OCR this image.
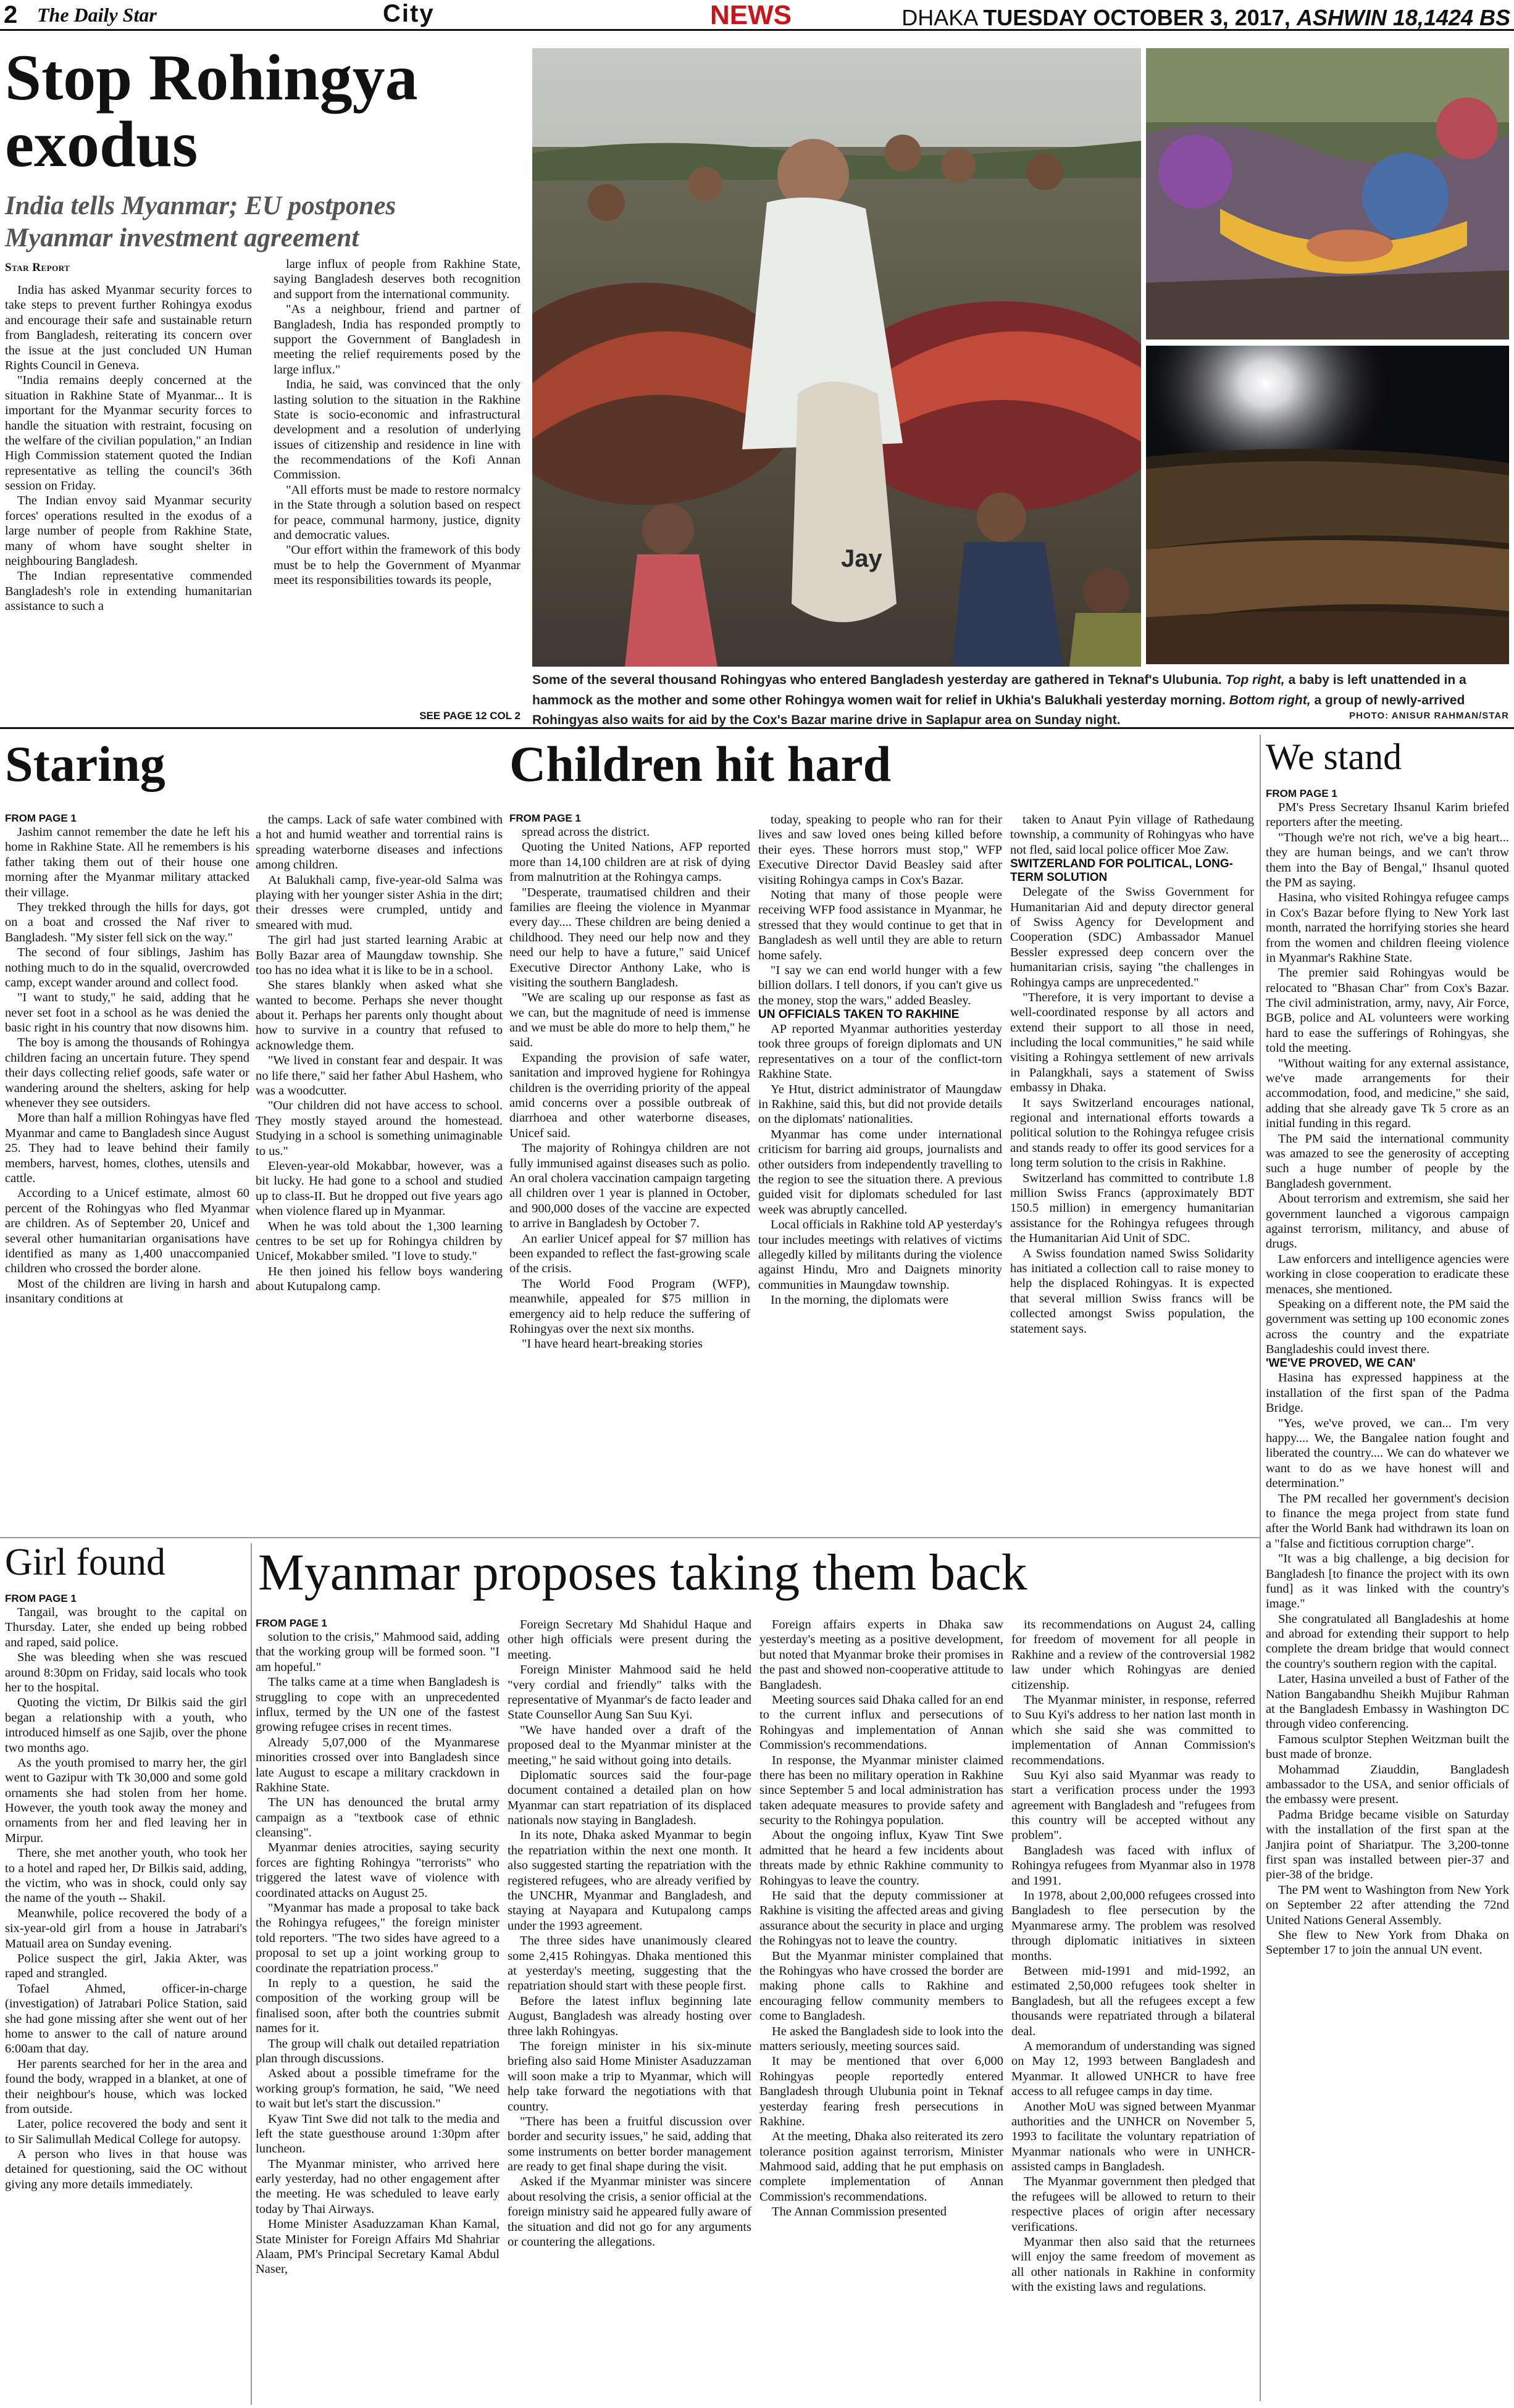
2 The Daily Star	City	NEWS	DHAKA TUESDAY OCTOBER 3, 2017, ASHWIN 18,1424 BS
Stop Rohingya
exodus
India tells Myanmar; EU postpones
Myanmar investment agreement
Star Report

India has asked Myanmar security forces to take steps to prevent further Rohingya exodus and encourage their safe and sustainable return from Bangladesh, reiterating its concern over the issue at the just concluded UN Human Rights Council in Geneva.

"India remains deeply concerned at the situation in Rakhine State of Myanmar... It is important for the Myanmar security forces to handle the situation with restraint, focusing on the welfare of the civilian population," an Indian High Commission statement quoted the Indian representative as telling the council's 36th session on Friday.

The Indian envoy said Myanmar security forces' operations resulted in the exodus of a large number of people from Rakhine State, many of whom have sought shelter in neighbouring Bangladesh.

The Indian representative commended Bangladesh's role in extending humanitarian assistance to such a

large influx of people from Rakhine State, saying Bangladesh deserves both recognition and support from the international community.

"As a neighbour, friend and partner of Bangladesh, India has responded promptly to support the Government of Bangladesh in meeting the relief requirements posed by the large influx."

India, he said, was convinced that the only lasting solution to the situation in the Rakhine State is socio-economic and infrastructural development and a resolution of underlying issues of citizenship and residence in line with the recommendations of the Kofi Annan Commission.

"All efforts must be made to restore normalcy in the State through a solution based on respect for peace, communal harmony, justice, dignity and democratic values.

"Our effort within the framework of this body must be to help the Government of Myanmar meet its responsibilities towards its people,

SEE PAGE 12 COL 2
Jay
Some of the several thousand Rohingyas who entered Bangladesh yesterday are gathered in Teknaf's Ulubunia. Top right, a baby is left unattended in a hammock as the mother and some other Rohingya women wait for relief in Ukhia's Balukhali yesterday morning. Bottom right, a group of newly-arrived Rohingyas also waits for aid by the Cox's Bazar marine drive in Saplapur area on Sunday night.	PHOTO: ANISUR RAHMAN/STAR
Staring

FROM PAGE 1

Jashim cannot remember the date he left his home in Rakhine State. All he remembers is his father taking them out of their house one morning after the Myanmar military attacked their village.

They trekked through the hills for days, got on a boat and crossed the Naf river to Bangladesh. "My sister fell sick on the way."

The second of four siblings, Jashim has nothing much to do in the squalid, overcrowded camp, except wander around and collect food.

"I want to study," he said, adding that he never set foot in a school as he was denied the basic right in his country that now disowns him.

The boy is among the thousands of Rohingya children facing an uncertain future. They spend their days collecting relief goods, safe water or wandering around the shelters, asking for help whenever they see outsiders.

More than half a million Rohingyas have fled Myanmar and came to Bangladesh since August 25. They had to leave behind their family members, harvest, homes, clothes, utensils and cattle.

According to a Unicef estimate, almost 60 percent of the Rohingyas who fled Myanmar are children. As of September 20, Unicef and several other humanitarian organisations have identified as many as 1,400 unaccompanied children who crossed the border alone.

Most of the children are living in harsh and insanitary conditions at

the camps. Lack of safe water combined with a hot and humid weather and torrential rains is spreading waterborne diseases and infections among children.

At Balukhali camp, five-year-old Salma was playing with her younger sister Ashia in the dirt; their dresses were crumpled, untidy and smeared with mud.

The girl had just started learning Arabic at Bolly Bazar area of Maungdaw township. She too has no idea what it is like to be in a school.

She stares blankly when asked what she wanted to become. Perhaps she never thought about it. Perhaps her parents only thought about how to survive in a country that refused to acknowledge them.

"We lived in constant fear and despair. It was no life there," said her father Abul Hashem, who was a woodcutter.

"Our children did not have access to school. They mostly stayed around the homestead. Studying in a school is something unimaginable to us."

Eleven-year-old Mokabbar, however, was a bit lucky. He had gone to a school and studied up to class-II. But he dropped out five years ago when violence flared up in Myanmar.

When he was told about the 1,300 learning centres to be set up for Rohingya children by Unicef, Mokabber smiled. "I love to study."

He then joined his fellow boys wandering about Kutupalong camp.

Children hit hard

FROM PAGE 1

spread across the district.

Quoting the United Nations, AFP reported more than 14,100 children are at risk of dying from malnutrition at the Rohingya camps.

"Desperate, traumatised children and their families are fleeing the violence in Myanmar every day.... These children are being denied a childhood. They need our help now and they need our help to have a future," said Unicef Executive Director Anthony Lake, who is visiting the southern Bangladesh.

"We are scaling up our response as fast as we can, but the magnitude of need is immense and we must be able do more to help them," he said.

Expanding the provision of safe water, sanitation and improved hygiene for Rohingya children is the overriding priority of the appeal amid concerns over a possible outbreak of diarrhoea and other waterborne diseases, Unicef said.

The majority of Rohingya children are not fully immunised against diseases such as polio. An oral cholera vaccination campaign targeting all children over 1 year is planned in October, and 900,000 doses of the vaccine are expected to arrive in Bangladesh by October 7.

An earlier Unicef appeal for $7 million has been expanded to reflect the fast-growing scale of the crisis.

The World Food Program (WFP), meanwhile, appealed for $75 million in emergency aid to help reduce the suffering of Rohingyas over the next six months.

"I have heard heart-breaking stories

today, speaking to people who ran for their lives and saw loved ones being killed before their eyes. These horrors must stop," WFP Executive Director David Beasley said after visiting Rohingya camps in Cox's Bazar.

Noting that many of those people were receiving WFP food assistance in Myanmar, he stressed that they would continue to get that in Bangladesh as well until they are able to return home safely.

"I say we can end world hunger with a few billion dollars. I tell donors, if you can't give us the money, stop the wars," added Beasley.

UN OFFICIALS TAKEN TO RAKHINE

AP reported Myanmar authorities yesterday took three groups of foreign diplomats and UN representatives on a tour of the conflict-torn Rakhine State.

Ye Htut, district administrator of Maungdaw in Rakhine, said this, but did not provide details on the diplomats' nationalities.

Myanmar has come under international criticism for barring aid groups, journalists and other outsiders from independently travelling to the region to see the situation there. A previous guided visit for diplomats scheduled for last week was abruptly cancelled.

Local officials in Rakhine told AP yesterday's tour includes meetings with relatives of victims allegedly killed by militants during the violence against Hindu, Mro and Daignets minority communities in Maungdaw township.

In the morning, the diplomats were

taken to Anaut Pyin village of Rathedaung township, a community of Rohingyas who have not fled, said local police officer Moe Zaw.

SWITZERLAND FOR POLITICAL, LONG-TERM SOLUTION

Delegate of the Swiss Government for Humanitarian Aid and deputy director general of Swiss Agency for Development and Cooperation (SDC) Ambassador Manuel Bessler expressed deep concern over the humanitarian crisis, saying "the challenges in Rohingya camps are unprecedented."

"Therefore, it is very important to devise a well-coordinated response by all actors and extend their support to all those in need, including the local communities," he said while visiting a Rohingya settlement of new arrivals in Palangkhali, says a statement of Swiss embassy in Dhaka.

It says Switzerland encourages national, regional and international efforts towards a political solution to the Rohingya refugee crisis and stands ready to offer its good services for a long term solution to the crisis in Rakhine.

Switzerland has committed to contribute 1.8 million Swiss Francs (approximately BDT 150.5 million) in emergency humanitarian assistance for the Rohingya refugees through the Humanitarian Aid Unit of SDC.

A Swiss foundation named Swiss Solidarity has initiated a collection call to raise money to help the displaced Rohingyas. It is expected that several million Swiss francs will be collected amongst Swiss population, the statement says.

We stand

FROM PAGE 1

PM's Press Secretary Ihsanul Karim briefed reporters after the meeting.

"Though we're not rich, we've a big heart... they are human beings, and we can't throw them into the Bay of Bengal," Ihsanul quoted the PM as saying.

Hasina, who visited Rohingya refugee camps in Cox's Bazar before flying to New York last month, narrated the horrifying stories she heard from the women and children fleeing violence in Myanmar's Rakhine State.

The premier said Rohingyas would be relocated to "Bhasan Char" from Cox's Bazar. The civil administration, army, navy, Air Force, BGB, police and AL volunteers were working hard to ease the sufferings of Rohingyas, she told the meeting.

"Without waiting for any external assistance, we've made arrangements for their accommodation, food, and medicine," she said, adding that she already gave Tk 5 crore as an initial funding in this regard.

The PM said the international community was amazed to see the generosity of accepting such a huge number of people by the Bangladesh government.

About terrorism and extremism, she said her government launched a vigorous campaign against terrorism, militancy, and abuse of drugs.

Law enforcers and intelligence agencies were working in close cooperation to eradicate these menaces, she mentioned.

Speaking on a different note, the PM said the government was setting up 100 economic zones across the country and the expatriate Bangladeshis could invest there.

'WE'VE PROVED, WE CAN'

Hasina has expressed happiness at the installation of the first span of the Padma Bridge.

"Yes, we've proved, we can... I'm very happy.... We, the Bangalee nation fought and liberated the country.... We can do whatever we want to do as we have honest will and determination."

The PM recalled her government's decision to finance the mega project from state fund after the World Bank had withdrawn its loan on a "false and fictitious corruption charge".

"It was a big challenge, a big decision for Bangladesh [to finance the project with its own fund] as it was linked with the country's image."

She congratulated all Bangladeshis at home and abroad for extending their support to help complete the dream bridge that would connect the country's southern region with the capital.

Later, Hasina unveiled a bust of Father of the Nation Bangabandhu Sheikh Mujibur Rahman at the Bangladesh Embassy in Washington DC through video conferencing.

Famous sculptor Stephen Weitzman built the bust made of bronze.

Mohammad Ziauddin, Bangladesh ambassador to the USA, and senior officials of the embassy were present.

Padma Bridge became visible on Saturday with the installation of the first span at the Janjira point of Shariatpur. The 3,200-tonne first span was installed between pier-37 and pier-38 of the bridge.

The PM went to Washington from New York on September 22 after attending the 72nd United Nations General Assembly.

She flew to New York from Dhaka on September 17 to join the annual UN event.

Girl found

FROM PAGE 1

Tangail, was brought to the capital on Thursday. Later, she ended up being robbed and raped, said police.

She was bleeding when she was rescued around 8:30pm on Friday, said locals who took her to the hospital.

Quoting the victim, Dr Bilkis said the girl began a relationship with a youth, who introduced himself as one Sajib, over the phone two months ago.

As the youth promised to marry her, the girl went to Gazipur with Tk 30,000 and some gold ornaments she had stolen from her home. However, the youth took away the money and ornaments from her and fled leaving her in Mirpur.

There, she met another youth, who took her to a hotel and raped her, Dr Bilkis said, adding, the victim, who was in shock, could only say the name of the youth -- Shakil.

Meanwhile, police recovered the body of a six-year-old girl from a house in Jatrabari's Matuail area on Sunday evening.

Police suspect the girl, Jakia Akter, was raped and strangled.

Tofael Ahmed, officer-in-charge (investigation) of Jatrabari Police Station, said she had gone missing after she went out of her home to answer to the call of nature around 6:00am that day.

Her parents searched for her in the area and found the body, wrapped in a blanket, at one of their neighbour's house, which was locked from outside.

Later, police recovered the body and sent it to Sir Salimullah Medical College for autopsy.

A person who lives in that house was detained for questioning, said the OC without giving any more details immediately.

Myanmar proposes taking them back

FROM PAGE 1

solution to the crisis," Mahmood said, adding that the working group will be formed soon. "I am hopeful."

The talks came at a time when Bangladesh is struggling to cope with an unprecedented influx, termed by the UN one of the fastest growing refugee crises in recent times.

Already 5,07,000 of the Myanmarese minorities crossed over into Bangladesh since late August to escape a military crackdown in Rakhine State.

The UN has denounced the brutal army campaign as a "textbook case of ethnic cleansing".

Myanmar denies atrocities, saying security forces are fighting Rohingya "terrorists" who triggered the latest wave of violence with coordinated attacks on August 25.

"Myanmar has made a proposal to take back the Rohingya refugees," the foreign minister told reporters. "The two sides have agreed to a proposal to set up a joint working group to coordinate the repatriation process."

In reply to a question, he said the composition of the working group will be finalised soon, after both the countries submit names for it.

The group will chalk out detailed repatriation plan through discussions.

Asked about a possible timeframe for the working group's formation, he said, "We need to wait but let's start the discussion."

Kyaw Tint Swe did not talk to the media and left the state guesthouse around 1:30pm after luncheon.

The Myanmar minister, who arrived here early yesterday, had no other engagement after the meeting. He was scheduled to leave early today by Thai Airways.

Home Minister Asaduzzaman Khan Kamal, State Minister for Foreign Affairs Md Shahriar Alaam, PM's Principal Secretary Kamal Abdul Naser,

Foreign Secretary Md Shahidul Haque and other high officials were present during the meeting.

Foreign Minister Mahmood said he held "very cordial and friendly" talks with the representative of Myanmar's de facto leader and State Counsellor Aung San Suu Kyi.

"We have handed over a draft of the proposed deal to the Myanmar minister at the meeting," he said without going into details.

Diplomatic sources said the four-page document contained a detailed plan on how Myanmar can start repatriation of its displaced nationals now staying in Bangladesh.

In its note, Dhaka asked Myanmar to begin the repatriation within the next one month. It also suggested starting the repatriation with the registered refugees, who are already verified by the UNCHR, Myanmar and Bangladesh, and staying at Nayapara and Kutupalong camps under the 1993 agreement.

The three sides have unanimously cleared some 2,415 Rohingyas. Dhaka mentioned this at yesterday's meeting, suggesting that the repatriation should start with these people first.

Before the latest influx beginning late August, Bangladesh was already hosting over three lakh Rohingyas.

The foreign minister in his six-minute briefing also said Home Minister Asaduzzaman will soon make a trip to Myanmar, which will help take forward the negotiations with that country.

"There has been a fruitful discussion over border and security issues," he said, adding that some instruments on better border management are ready to get final shape during the visit.

Asked if the Myanmar minister was sincere about resolving the crisis, a senior official at the foreign ministry said he appeared fully aware of the situation and did not go for any arguments or countering the allegations.

Foreign affairs experts in Dhaka saw yesterday's meeting as a positive development, but noted that Myanmar broke their promises in the past and showed non-cooperative attitude to Bangladesh.

Meeting sources said Dhaka called for an end to the current influx and persecutions of Rohingyas and implementation of Annan Commission's recommendations.

In response, the Myanmar minister claimed there has been no military operation in Rakhine since September 5 and local administration has taken adequate measures to provide safety and security to the Rohingya population.

About the ongoing influx, Kyaw Tint Swe admitted that he heard a few incidents about threats made by ethnic Rakhine community to Rohingyas to leave the country.

He said that the deputy commissioner at Rakhine is visiting the affected areas and giving assurance about the security in place and urging the Rohingyas not to leave the country.

But the Myanmar minister complained that the Rohingyas who have crossed the border are making phone calls to Rakhine and encouraging fellow community members to come to Bangladesh.

He asked the Bangladesh side to look into the matters seriously, meeting sources said.

It may be mentioned that over 6,000 Rohingyas people reportedly entered Bangladesh through Ulubunia point in Teknaf yesterday fearing fresh persecutions in Rakhine.

At the meeting, Dhaka also reiterated its zero tolerance position against terrorism, Minister Mahmood said, adding that he put emphasis on complete implementation of Annan Commission's recommendations.

The Annan Commission presented

its recommendations on August 24, calling for freedom of movement for all people in Rakhine and a review of the controversial 1982 law under which Rohingyas are denied citizenship.

The Myanmar minister, in response, referred to Suu Kyi's address to her nation last month in which she said she was committed to implementation of Annan Commission's recommendations.

Suu Kyi also said Myanmar was ready to start a verification process under the 1993 agreement with Bangladesh and "refugees from this country will be accepted without any problem".

Bangladesh was faced with influx of Rohingya refugees from Myanmar also in 1978 and 1991.

In 1978, about 2,00,000 refugees crossed into Bangladesh to flee persecution by the Myanmarese army. The problem was resolved through diplomatic initiatives in sixteen months.

Between mid-1991 and mid-1992, an estimated 2,50,000 refugees took shelter in Bangladesh, but all the refugees except a few thousands were repatriated through a bilateral deal.

A memorandum of understanding was signed on May 12, 1993 between Bangladesh and Myanmar. It allowed UNHCR to have free access to all refugee camps in day time.

Another MoU was signed between Myanmar authorities and the UNHCR on November 5, 1993 to facilitate the voluntary repatriation of Myanmar nationals who were in UNHCR-assisted camps in Bangladesh.

The Myanmar government then pledged that the refugees will be allowed to return to their respective places of origin after necessary verifications.

Myanmar then also said that the returnees will enjoy the same freedom of movement as all other nationals in Rakhine in conformity with the existing laws and regulations.
